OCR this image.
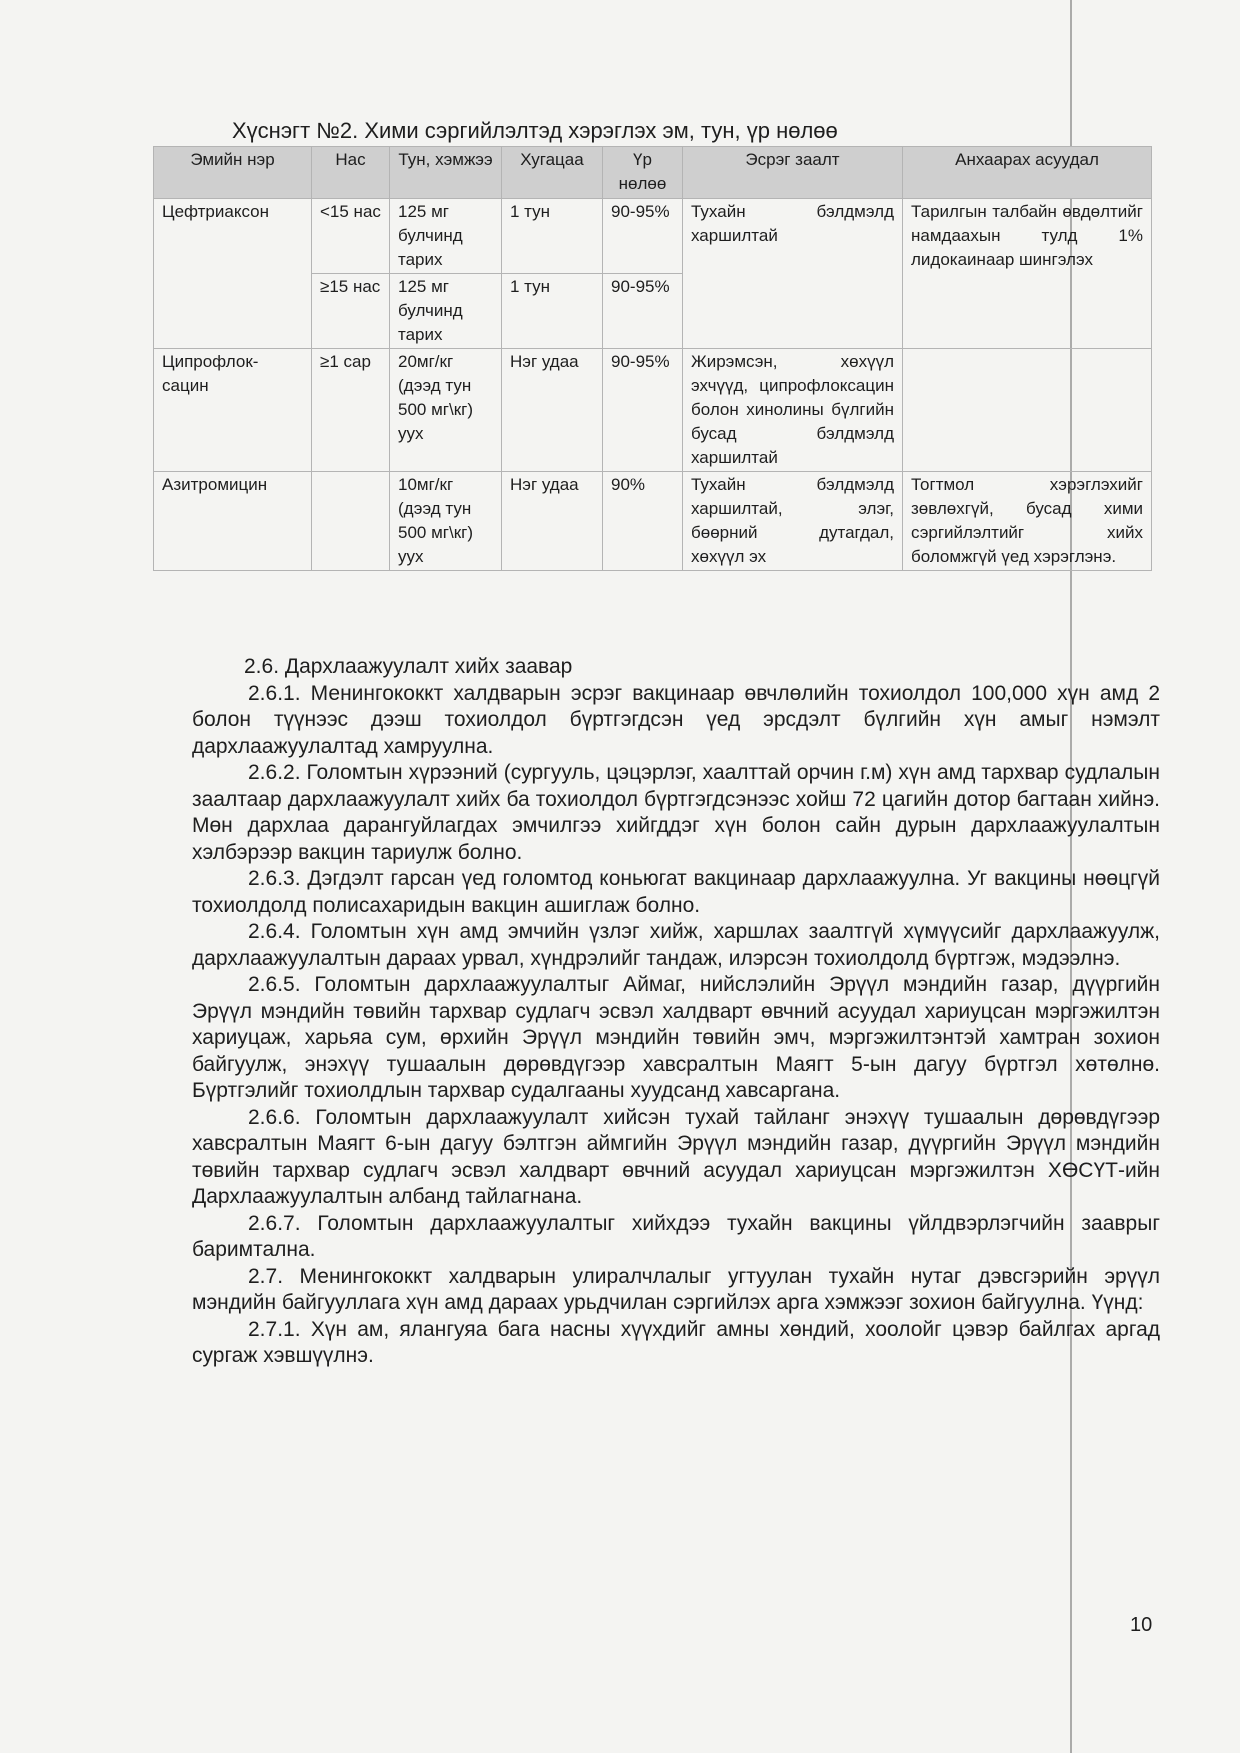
Хүснэгт №2. Хими сэргийлэлтэд хэрэглэх эм, тун, үр нөлөө
Эмийн нэр	Нас	Тун, хэмжээ	Хугацаа	Үр нөлөө	Эсрэг заалт	Анхаарах асуудал
Цефтриаксон	<15 нас	125 мг булчинд тарих	1 тун	90-95%	Тухайн бэлдмэлд харшилтай	Тарилгын талбайн өвдөлтийг намдаахын тулд 1% лидокаинаар шингэлэх
	≥15 нас	125 мг булчинд тарих	1 тун	90-95%		
Ципрофлок-сацин	≥1 сар	20мг/кг (дээд тун 500 мг\кг) уух	Нэг удаа	90-95%	Жирэмсэн, хөхүүл эхчүүд, ципрофлоксацин болон хинолины бүлгийн бусад бэлдмэлд харшилтай	
Азитромицин		10мг/кг (дээд тун 500 мг\кг) уух	Нэг удаа	90%	Тухайн бэлдмэлд харшилтай, элэг, бөөрний дутагдал, хөхүүл эх	Тогтмол хэрэглэхийг зөвлөхгүй, бусад хими сэргийлэлтийг хийх боломжгүй үед хэрэглэнэ.

2.6. Дархлаажуулалт хийх заавар

2.6.1. Менингококкт халдварын эсрэг вакцинаар өвчлөлийн тохиолдол 100,000 хүн амд 2 болон түүнээс дээш тохиолдол бүртгэгдсэн үед эрсдэлт бүлгийн хүн амыг нэмэлт дархлаажуулалтад хамруулна.

2.6.2. Голомтын хүрээний (сургууль, цэцэрлэг, хаалттай орчин г.м) хүн амд тархвар судлалын заалтаар дархлаажуулалт хийх ба тохиолдол бүртгэгдсэнээс хойш 72 цагийн дотор багтаан хийнэ. Мөн дархлаа дарангуйлагдах эмчилгээ хийгддэг хүн болон сайн дурын дархлаажуулалтын хэлбэрээр вакцин тариулж болно.

2.6.3. Дэгдэлт гарсан үед голомтод коньюгат вакцинаар дархлаажуулна. Уг вакцины нөөцгүй тохиолдолд полисахаридын вакцин ашиглаж болно.

2.6.4. Голомтын хүн амд эмчийн үзлэг хийж, харшлах заалтгүй хүмүүсийг дархлаажуулж, дархлаажуулалтын дараах урвал, хүндрэлийг тандаж, илэрсэн тохиолдолд бүртгэж, мэдээлнэ.

2.6.5. Голомтын дархлаажуулалтыг Аймаг, нийслэлийн Эрүүл мэндийн газар, дүүргийн Эрүүл мэндийн төвийн тархвар судлагч эсвэл халдварт өвчний асуудал хариуцсан мэргэжилтэн хариуцаж, харьяа сум, өрхийн Эрүүл мэндийн төвийн эмч, мэргэжилтэнтэй хамтран зохион байгуулж, энэхүү тушаалын дөрөвдүгээр хавсралтын Маягт 5-ын дагуу бүртгэл хөтөлнө. Бүртгэлийг тохиолдлын тархвар судалгааны хуудсанд хавсаргана.

2.6.6. Голомтын дархлаажуулалт хийсэн тухай тайланг энэхүү тушаалын дөрөвдүгээр хавсралтын Маягт 6-ын дагуу бэлтгэн аймгийн Эрүүл мэндийн газар, дүүргийн Эрүүл мэндийн төвийн тархвар судлагч эсвэл халдварт өвчний асуудал хариуцсан мэргэжилтэн ХӨСҮТ-ийн Дархлаажуулалтын албанд тайлагнана.

2.6.7. Голомтын дархлаажуулалтыг хийхдээ тухайн вакцины үйлдвэрлэгчийн зааврыг баримтална.

2.7. Менингококкт халдварын улиралчлалыг угтуулан тухайн нутаг дэвсгэрийн эрүүл мэндийн байгууллага хүн амд дараах урьдчилан сэргийлэх арга хэмжээг зохион байгуулна. Үүнд:

2.7.1. Хүн ам, ялангуяа бага насны хүүхдийг амны хөндий, хоолойг цэвэр байлгах аргад сургаж хэвшүүлнэ.

10
